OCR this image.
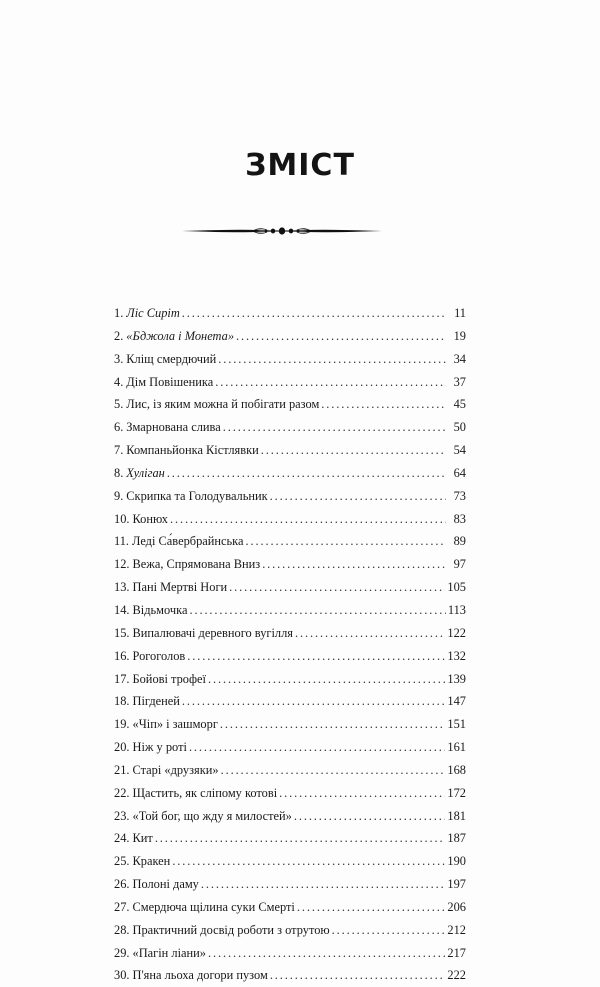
ЗМІСТ
1. Ліс Сиріт . . .	11
2. «Бджола і Монета» . . .	19
3. Кліщ смердючий . . .	34
4. Дім Повішеника . . .	37
5. Лис, із яким можна й побігати разом . . .	45
6. Змарнована слива . . .	50
7. Компаньйонка Кістлявки . . .	54
8. Хуліган . . .	64
9. Скрипка та Голодувальник . . .	73
10. Конюх . . .	83
11. Леді Са́вербрайнська . . .	89
12. Вежа, Спрямована Вниз . . .	97
13. Пані Мертві Ноги . . .	105
14. Відьмочка . . .	113
15. Випалювачі деревного вугілля . . .	122
16. Рогоголов . . .	132
17. Бойові трофеї . . .	139
18. Пігденей . . .	147
19. «Чіп» і зашморг . . .	151
20. Ніж у роті . . .	161
21. Старі «друзяки» . . .	168
22. Щастить, як сліпому котові . . .	172
23. «Той бог, що жду я милостей» . . .	181
24. Кит . . .	187
25. Кракен . . .	190
26. Полоні даму . . .	197
27. Смердюча щілина суки Смерті . . .	206
28. Практичний досвід роботи з отрутою . . .	212
29. «Пагін ліани» . . .	217
30. П'яна льоха догори пузом . . .	222
